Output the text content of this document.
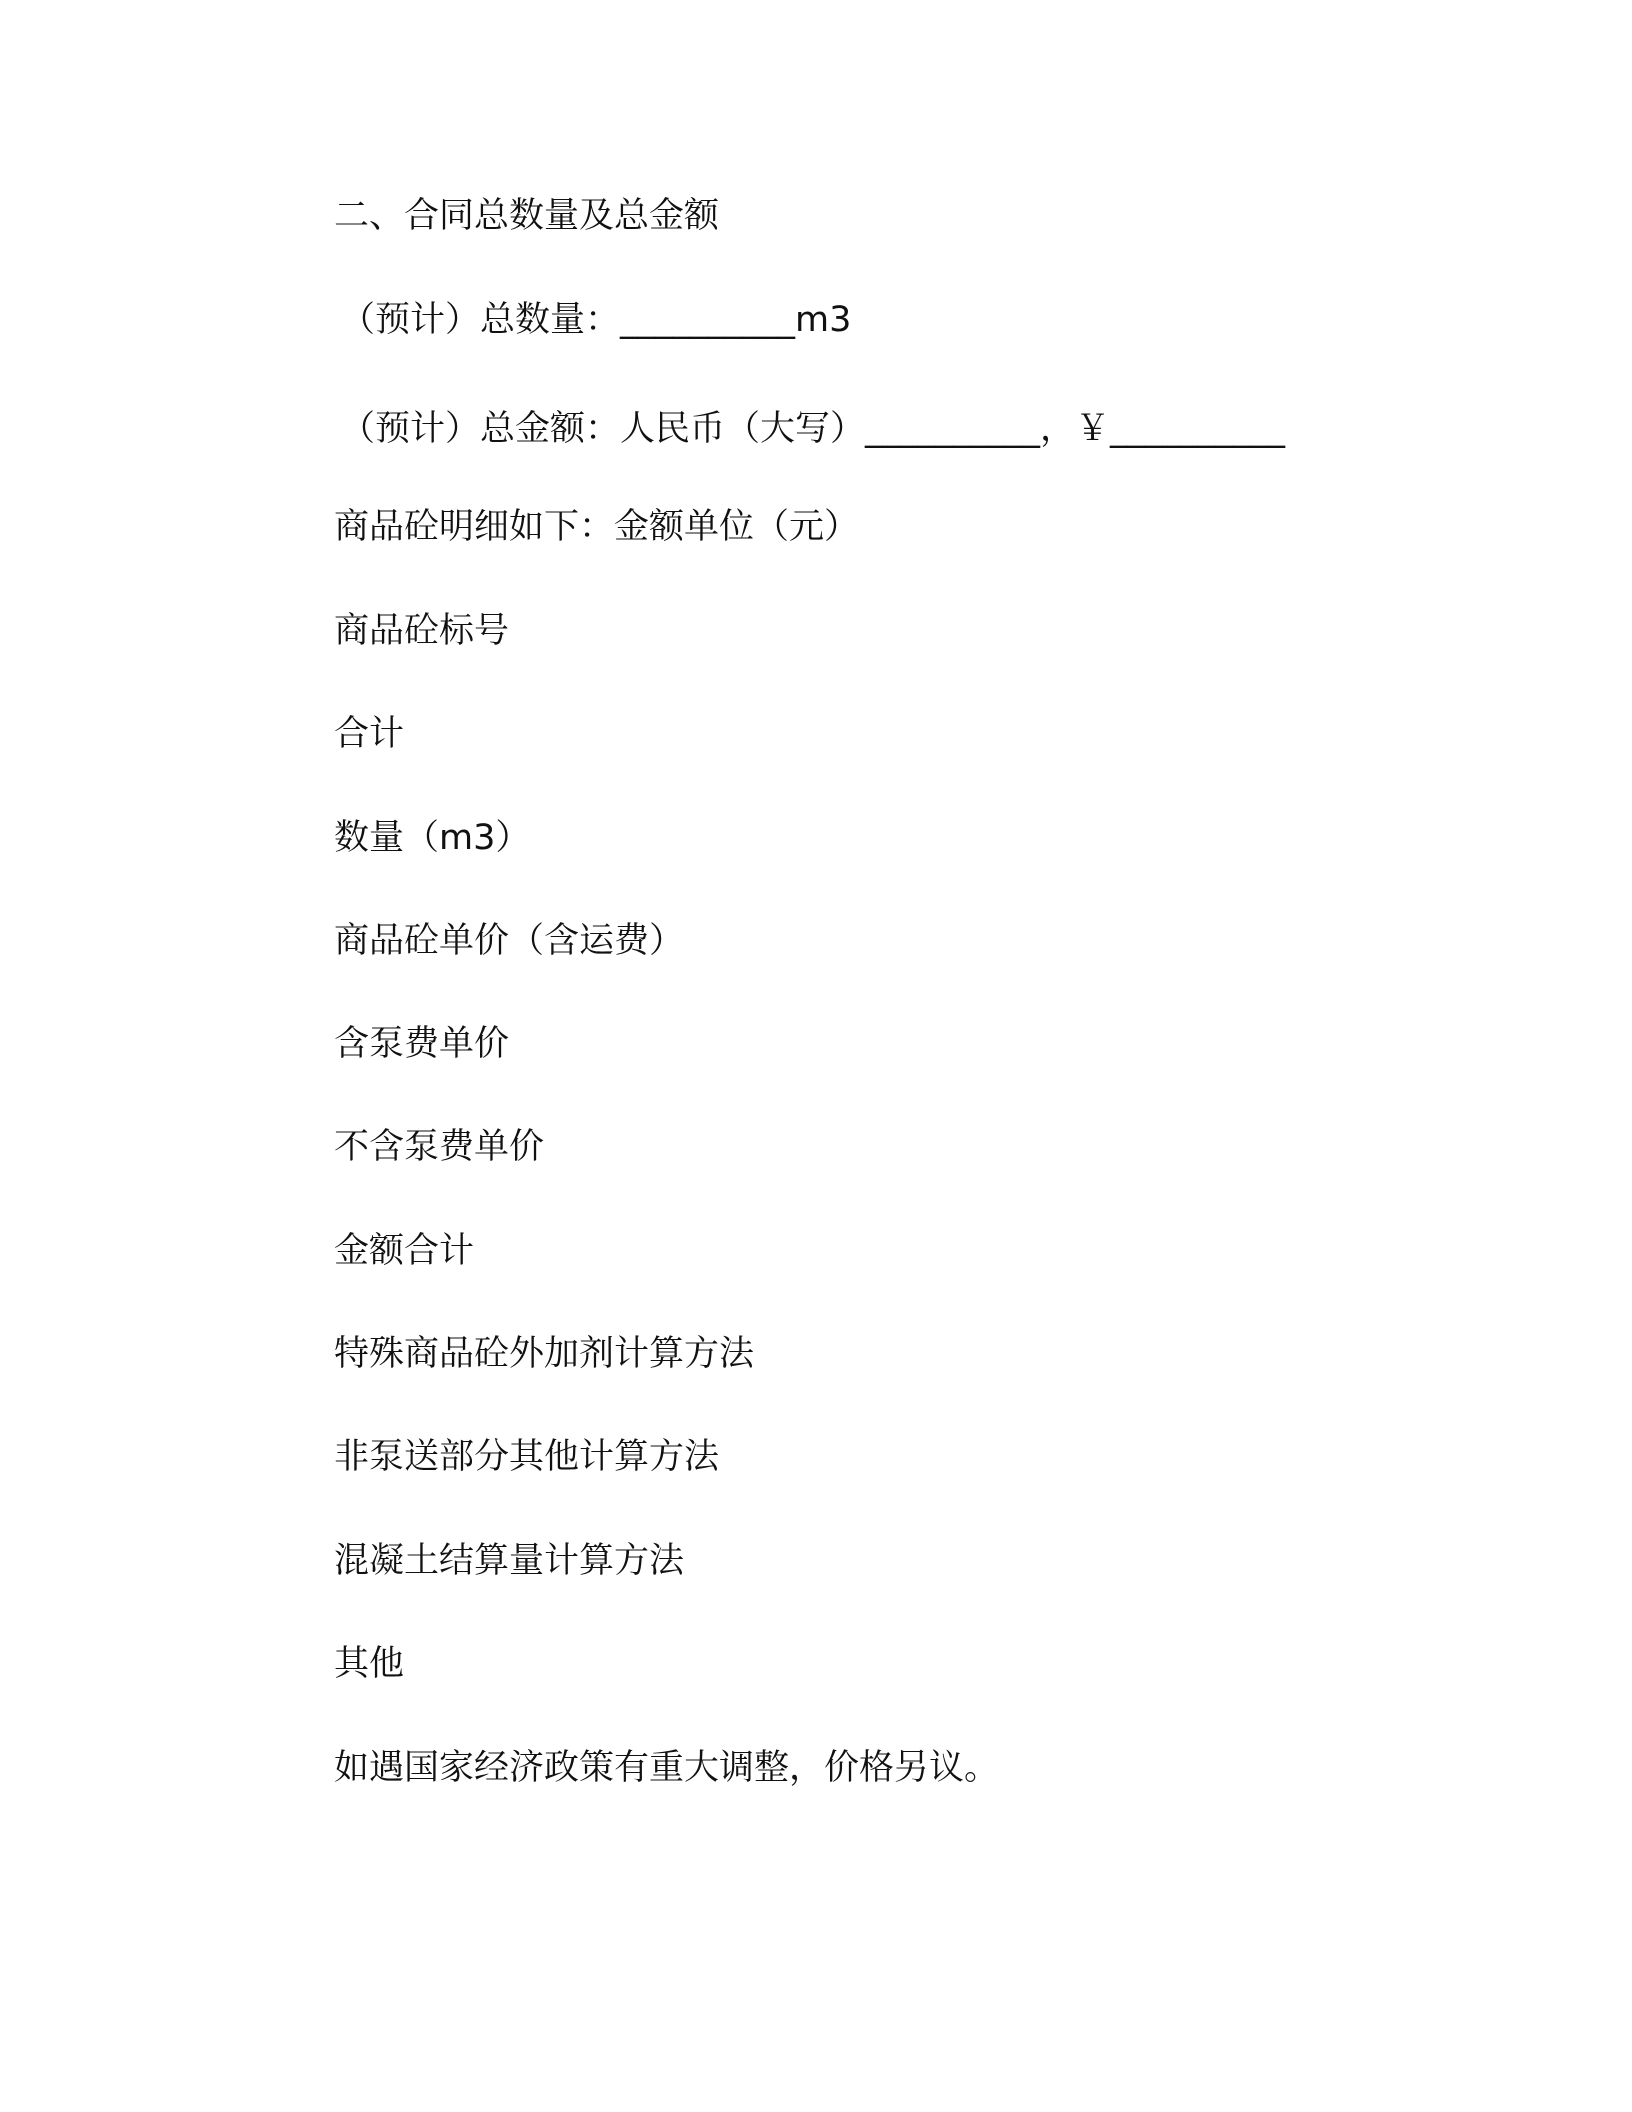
二、合同总数量及总金额
（预计）总数量：__________m3
（预计）总金额：人民币（大写）__________，￥__________
商品砼明细如下：金额单位（元）
商品砼标号
合计
数量（m3）
商品砼单价（含运费）
含泵费单价
不含泵费单价
金额合计
特殊商品砼外加剂计算方法
非泵送部分其他计算方法
混凝土结算量计算方法
其他
如遇国家经济政策有重大调整，价格另议。
